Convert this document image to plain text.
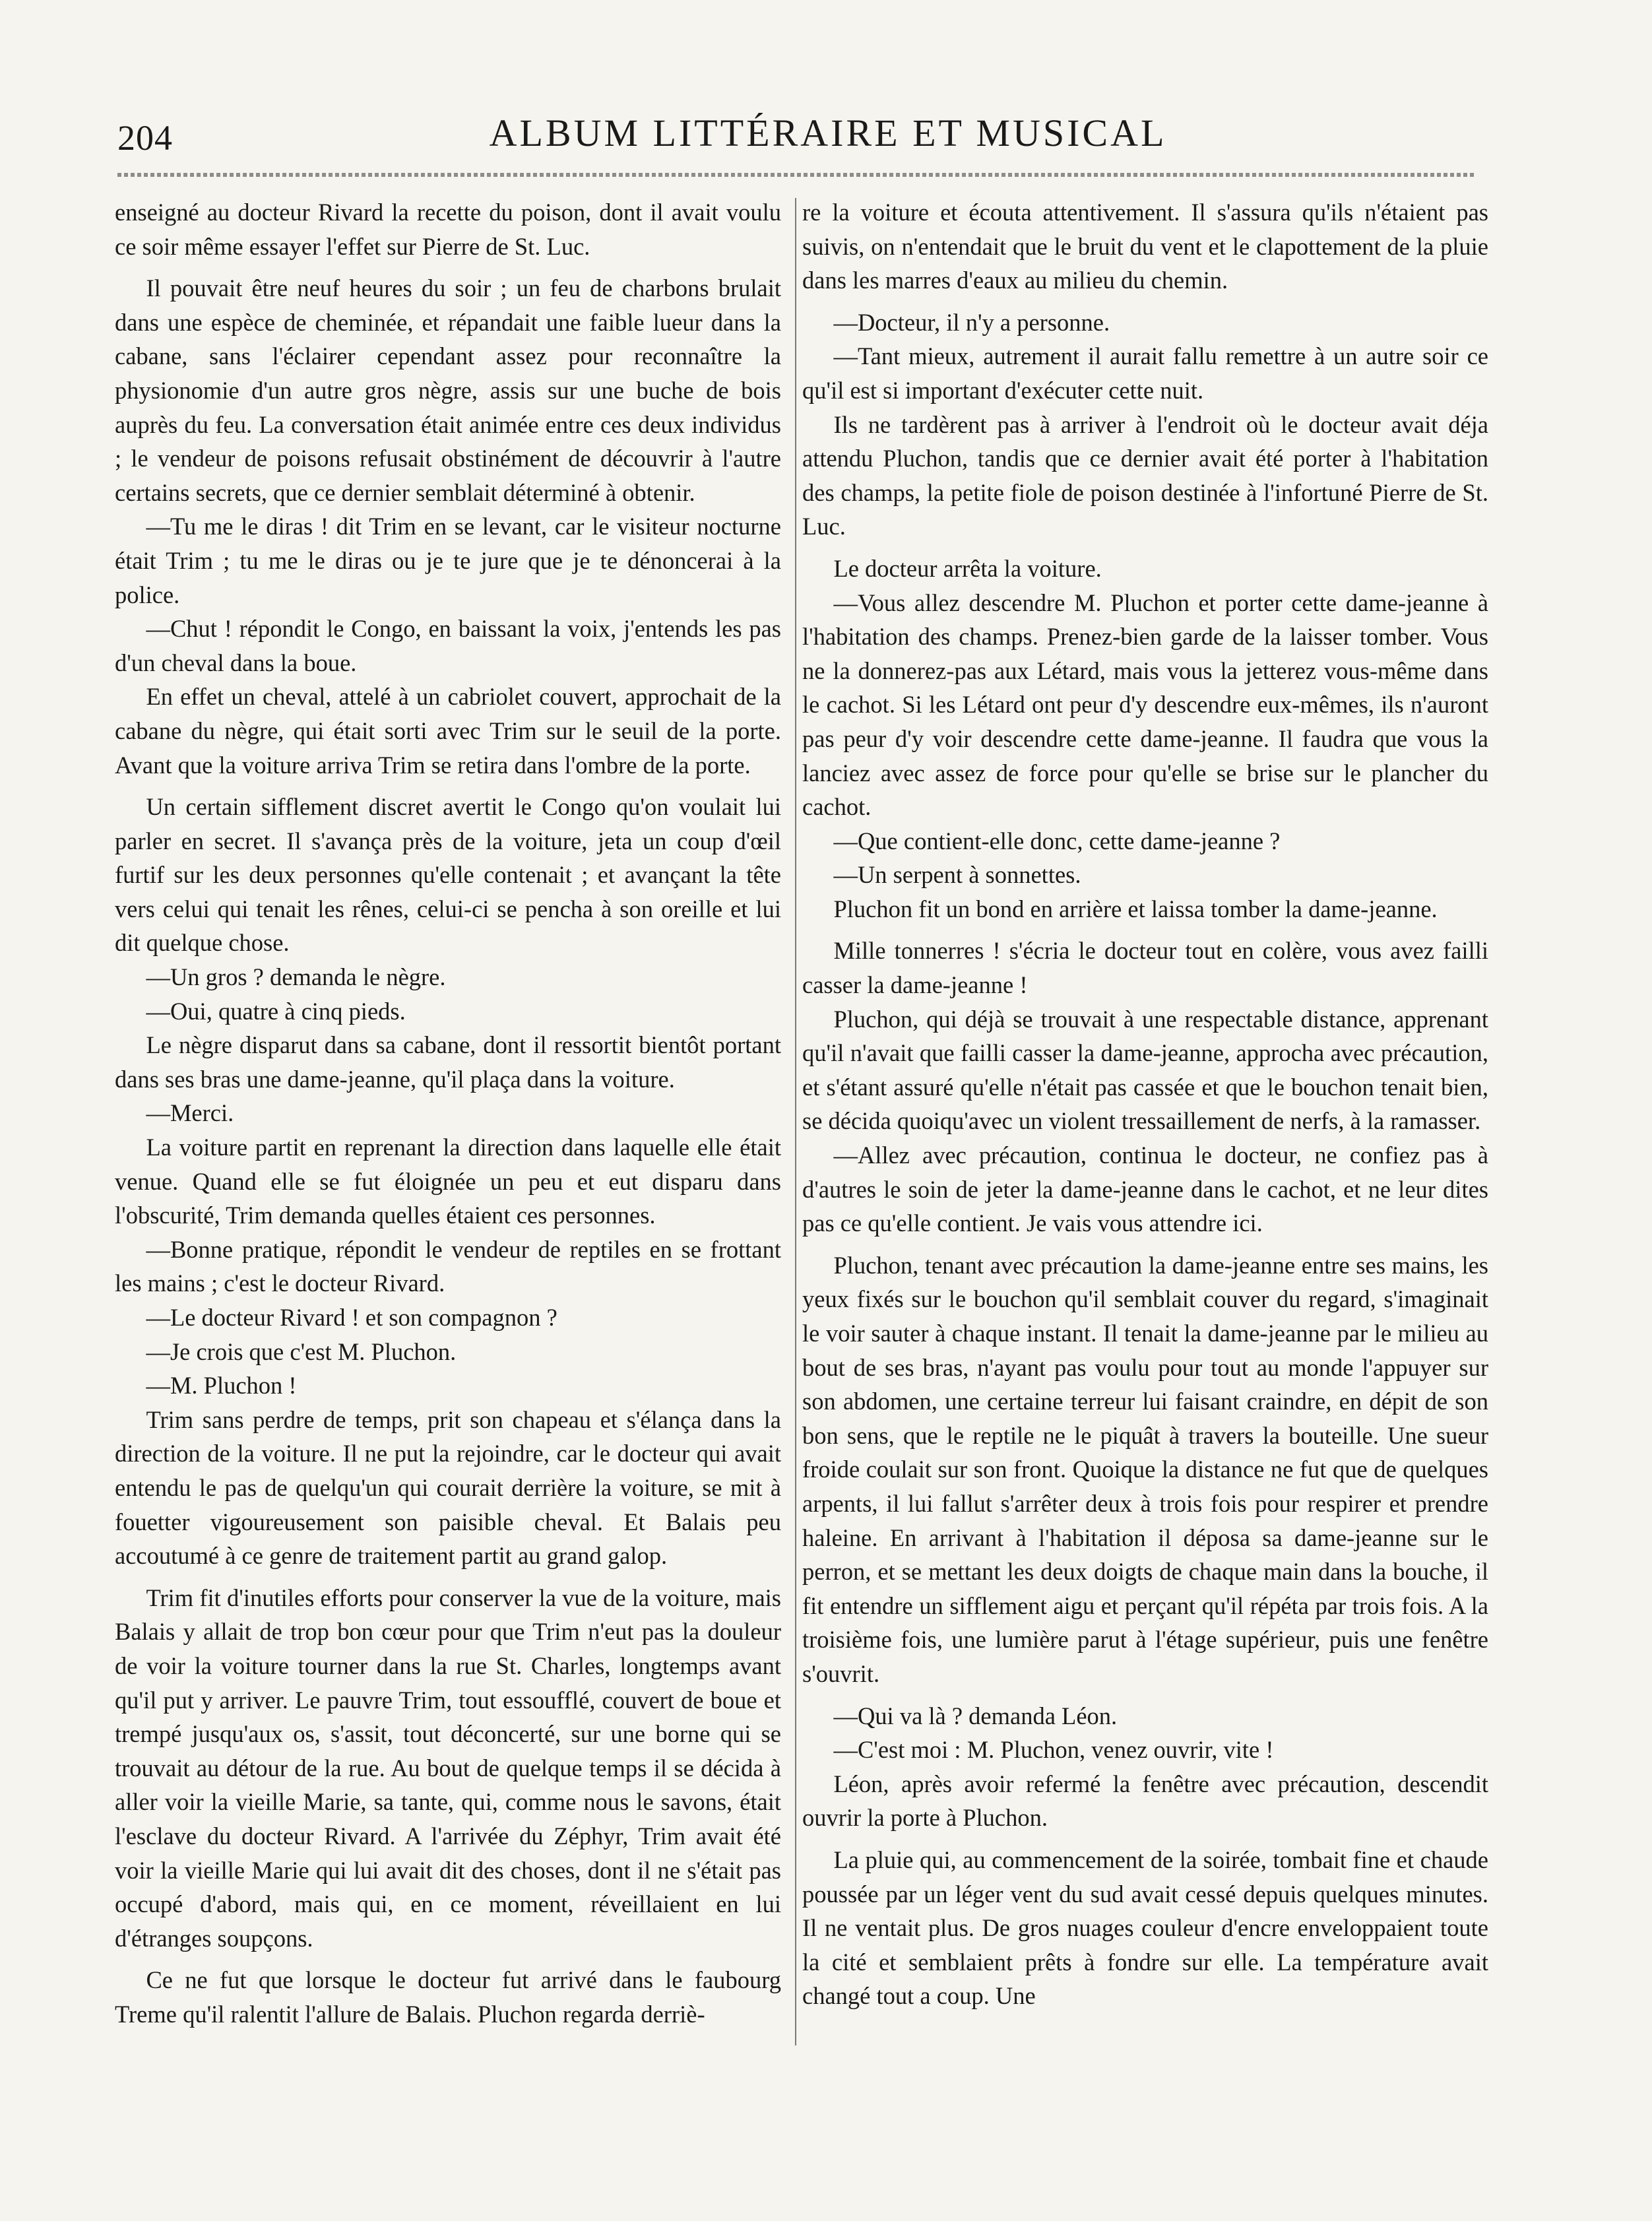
204	ALBUM LITTÉRAIRE ET MUSICAL

enseigné au docteur Rivard la recette du poison, dont il avait voulu ce soir même essayer l'effet sur Pierre de St. Luc.

Il pouvait être neuf heures du soir ; un feu de charbons brulait dans une espèce de cheminée, et répandait une faible lueur dans la cabane, sans l'éclairer cependant assez pour reconnaître la physionomie d'un autre gros nègre, assis sur une buche de bois auprès du feu. La conversation était animée entre ces deux individus ; le vendeur de poisons refusait obstinément de découvrir à l'autre certains secrets, que ce dernier semblait déterminé à obtenir.

—Tu me le diras ! dit Trim en se levant, car le visiteur nocturne était Trim ; tu me le diras ou je te jure que je te dénoncerai à la police.

—Chut ! répondit le Congo, en baissant la voix, j'entends les pas d'un cheval dans la boue.

En effet un cheval, attelé à un cabriolet couvert, approchait de la cabane du nègre, qui était sorti avec Trim sur le seuil de la porte. Avant que la voiture arriva Trim se retira dans l'ombre de la porte.

Un certain sifflement discret avertit le Congo qu'on voulait lui parler en secret. Il s'avança près de la voiture, jeta un coup d'œil furtif sur les deux personnes qu'elle contenait ; et avançant la tête vers celui qui tenait les rênes, celui-ci se pencha à son oreille et lui dit quelque chose.

—Un gros ? demanda le nègre.

—Oui, quatre à cinq pieds.

Le nègre disparut dans sa cabane, dont il ressortit bientôt portant dans ses bras une dame-jeanne, qu'il plaça dans la voiture.

—Merci.

La voiture partit en reprenant la direction dans laquelle elle était venue. Quand elle se fut éloignée un peu et eut disparu dans l'obscurité, Trim demanda quelles étaient ces personnes.

—Bonne pratique, répondit le vendeur de reptiles en se frottant les mains ; c'est le docteur Rivard.

—Le docteur Rivard ! et son compagnon ?

—Je crois que c'est M. Pluchon.

—M. Pluchon !

Trim sans perdre de temps, prit son chapeau et s'élança dans la direction de la voiture. Il ne put la rejoindre, car le docteur qui avait entendu le pas de quelqu'un qui courait derrière la voiture, se mit à fouetter vigoureusement son paisible cheval. Et Balais peu accoutumé à ce genre de traitement partit au grand galop.

Trim fit d'inutiles efforts pour conserver la vue de la voiture, mais Balais y allait de trop bon cœur pour que Trim n'eut pas la douleur de voir la voiture tourner dans la rue St. Charles, longtemps avant qu'il put y arriver. Le pauvre Trim, tout essoufflé, couvert de boue et trempé jusqu'aux os, s'assit, tout déconcerté, sur une borne qui se trouvait au détour de la rue. Au bout de quelque temps il se décida à aller voir la vieille Marie, sa tante, qui, comme nous le savons, était l'esclave du docteur Rivard. A l'arrivée du Zéphyr, Trim avait été voir la vieille Marie qui lui avait dit des choses, dont il ne s'était pas occupé d'abord, mais qui, en ce moment, réveillaient en lui d'étranges soupçons.

Ce ne fut que lorsque le docteur fut arrivé dans le faubourg Treme qu'il ralentit l'allure de Balais. Pluchon regarda derriè-

re la voiture et écouta attentivement. Il s'assura qu'ils n'étaient pas suivis, on n'entendait que le bruit du vent et le clapottement de la pluie dans les marres d'eaux au milieu du chemin.

—Docteur, il n'y a personne.

—Tant mieux, autrement il aurait fallu remettre à un autre soir ce qu'il est si important d'exécuter cette nuit.

Ils ne tardèrent pas à arriver à l'endroit où le docteur avait déja attendu Pluchon, tandis que ce dernier avait été porter à l'habitation des champs, la petite fiole de poison destinée à l'infortuné Pierre de St. Luc.

Le docteur arrêta la voiture.

—Vous allez descendre M. Pluchon et porter cette dame-jeanne à l'habitation des champs. Prenez-bien garde de la laisser tomber. Vous ne la donnerez-pas aux Létard, mais vous la jetterez vous-même dans le cachot. Si les Létard ont peur d'y descendre eux-mêmes, ils n'auront pas peur d'y voir descendre cette dame-jeanne. Il faudra que vous la lanciez avec assez de force pour qu'elle se brise sur le plancher du cachot.

—Que contient-elle donc, cette dame-jeanne ?

—Un serpent à sonnettes.

Pluchon fit un bond en arrière et laissa tomber la dame-jeanne.

Mille tonnerres ! s'écria le docteur tout en colère, vous avez failli casser la dame-jeanne !

Pluchon, qui déjà se trouvait à une respectable distance, apprenant qu'il n'avait que failli casser la dame-jeanne, approcha avec précaution, et s'étant assuré qu'elle n'était pas cassée et que le bouchon tenait bien, se décida quoiqu'avec un violent tressaillement de nerfs, à la ramasser.

—Allez avec précaution, continua le docteur, ne confiez pas à d'autres le soin de jeter la dame-jeanne dans le cachot, et ne leur dites pas ce qu'elle contient. Je vais vous attendre ici.

Pluchon, tenant avec précaution la dame-jeanne entre ses mains, les yeux fixés sur le bouchon qu'il semblait couver du regard, s'imaginait le voir sauter à chaque instant. Il tenait la dame-jeanne par le milieu au bout de ses bras, n'ayant pas voulu pour tout au monde l'appuyer sur son abdomen, une certaine terreur lui faisant craindre, en dépit de son bon sens, que le reptile ne le piquât à travers la bouteille. Une sueur froide coulait sur son front. Quoique la distance ne fut que de quelques arpents, il lui fallut s'arrêter deux à trois fois pour respirer et prendre haleine. En arrivant à l'habitation il déposa sa dame-jeanne sur le perron, et se mettant les deux doigts de chaque main dans la bouche, il fit entendre un sifflement aigu et perçant qu'il répéta par trois fois. A la troisième fois, une lumière parut à l'étage supérieur, puis une fenêtre s'ouvrit.

—Qui va là ? demanda Léon.

—C'est moi : M. Pluchon, venez ouvrir, vite !

Léon, après avoir refermé la fenêtre avec précaution, descendit ouvrir la porte à Pluchon.

La pluie qui, au commencement de la soirée, tombait fine et chaude poussée par un léger vent du sud avait cessé depuis quelques minutes. Il ne ventait plus. De gros nuages couleur d'encre enveloppaient toute la cité et semblaient prêts à fondre sur elle. La température avait changé tout a coup. Une
